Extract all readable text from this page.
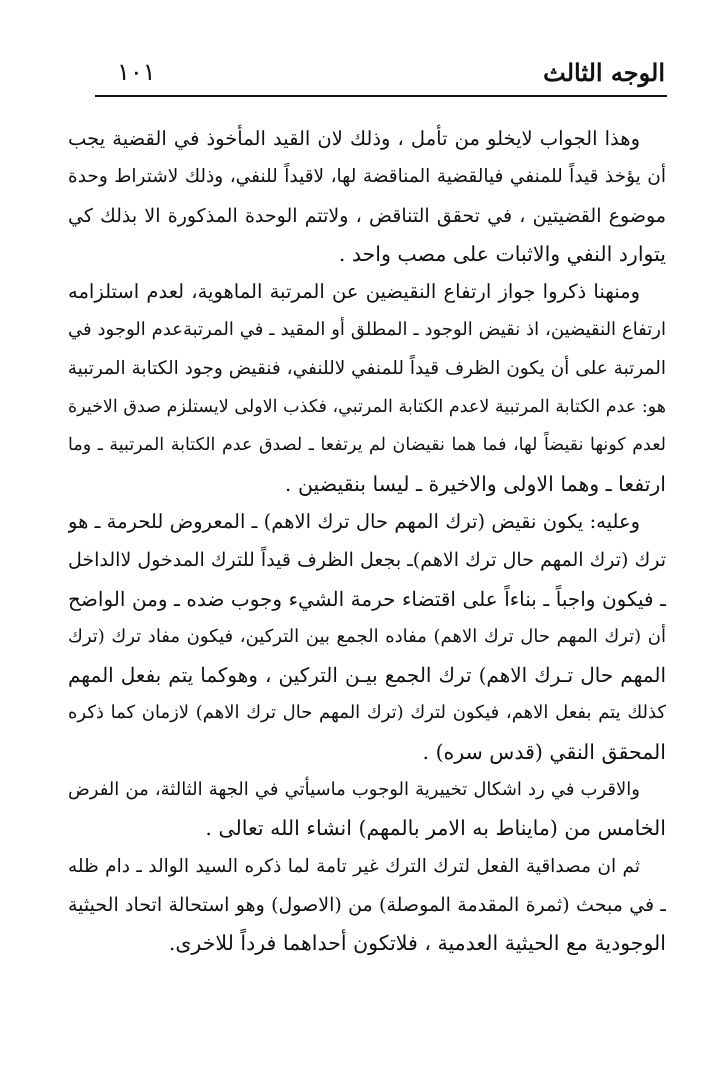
١٠١	الوجه الثالث
وهذا الجواب لايخلو من تأمل ، وذلك لان القيد المأخوذ في القضية يجب
أن يؤخذ قيداً للمنفي فيالقضية المناقضة لها، لاقيداً للنفي، وذلك لاشتراط وحدة
موضوع القضيتين ، في تحقق التناقض ، ولاتتم الوحدة المذكورة الا بذلك كي
يتوارد النفي والاثبات على مصب واحد .
ومنهنا ذكروا جواز ارتفاع النقيضين عن المرتبة الماهوية، لعدم استلزامه
ارتفاع النقيضين، اذ نقيض الوجود ـ المطلق أو المقيد ـ في المرتبةعدم الوجود في
المرتبة على أن يكون الظرف قيداً للمنفي لاللنفي، فنقيض وجود الكتابة المرتبية
هو: عدم الكتابة المرتبية لاعدم الكتابة المرتبي، فكذب الاولى لايستلزم صدق الاخيرة
لعدم كونها نقيضاً لها، فما هما نقيضان لم يرتفعا ـ لصدق عدم الكتابة المرتبية ـ وما
ارتفعا ـ وهما الاولى والاخيرة ـ ليسا بنقيضين .
وعليه: يكون نقيض (ترك المهم حال ترك الاهم) ـ المعروض للحرمة ـ هو
ترك (ترك المهم حال ترك الاهم)ـ بجعل الظرف قيداً للترك المدخول لاالداخل
ـ فيكون واجباً ـ بناءاً على اقتضاء حرمة الشيء وجوب ضده ـ ومن الواضح
أن (ترك المهم حال ترك الاهم) مفاده الجمع بين التركين، فيكون مفاد ترك (ترك
المهم حال تـرك الاهم) ترك الجمع بيـن التركين ، وهوكما يتم بفعل المهم
كذلك يتم بفعل الاهم، فيكون لترك (ترك المهم حال ترك الاهم) لازمان كما ذكره
المحقق النقي (قدس سره) .
والاقرب في رد اشكال تخييرية الوجوب ماسيأتي في الجهة الثالثة، من الفرض
الخامس من (مايناط به الامر بالمهم) انشاء الله تعالى .
ثم ان مصداقية الفعل لترك الترك غير تامة لما ذكره السيد الوالد ـ دام ظله
ـ في مبحث (ثمرة المقدمة الموصلة) من (الاصول) وهو استحالة اتحاد الحيثية
الوجودية مع الحيثية العدمية ، فلاتكون أحداهما فرداً للاخرى.
